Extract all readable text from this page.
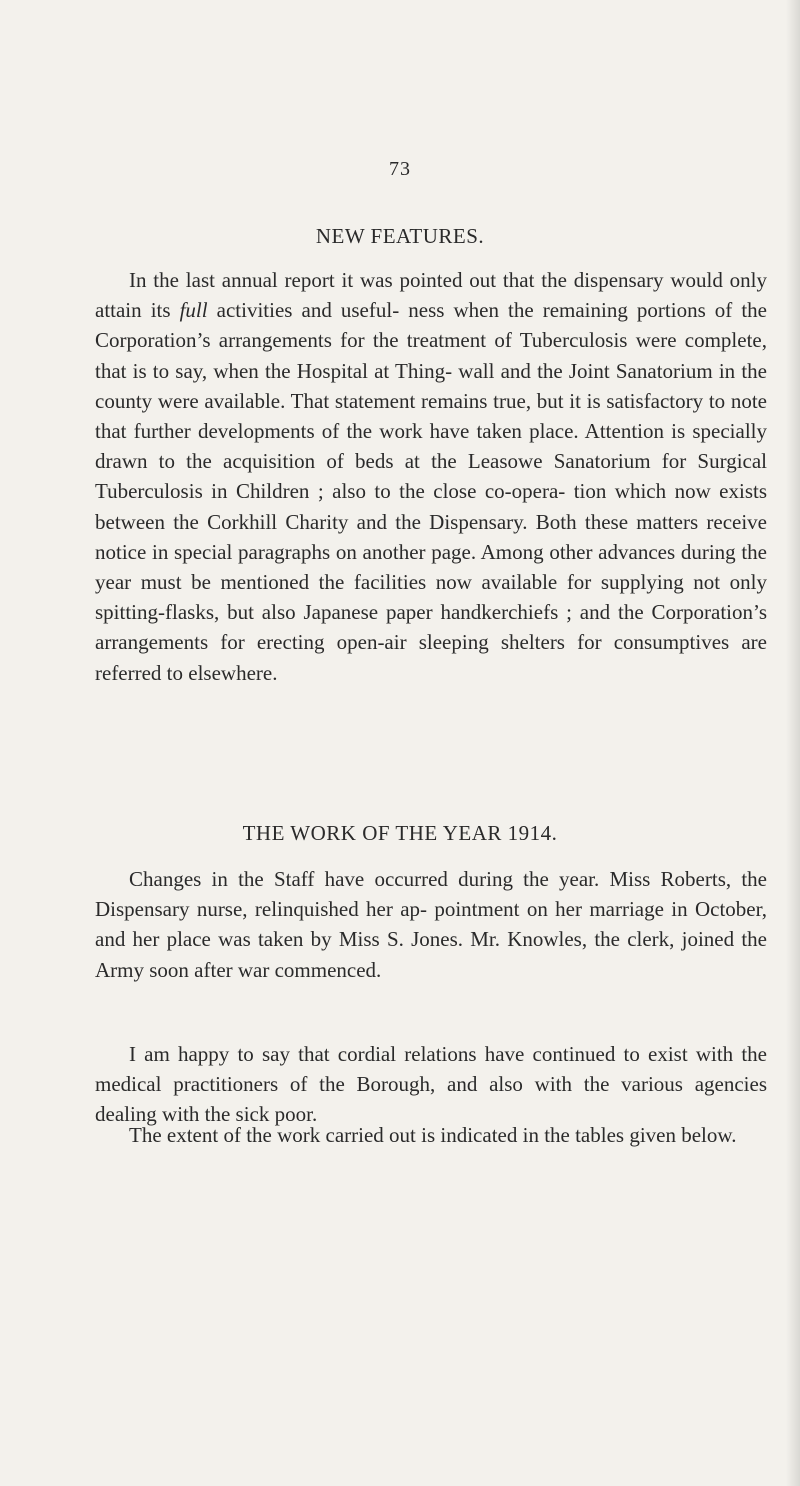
73
NEW FEATURES.

In the last annual report it was pointed out that the dispensary would only attain its full activities and useful- ness when the remaining portions of the Corporation’s arrangements for the treatment of Tuberculosis were complete, that is to say, when the Hospital at Thing- wall and the Joint Sanatorium in the county were available. That statement remains true, but it is satisfactory to note that further developments of the work have taken place. Attention is specially drawn to the acquisition of beds at the Leasowe Sanatorium for Surgical Tuberculosis in Children ; also to the close co-opera- tion which now exists between the Corkhill Charity and the Dispensary. Both these matters receive notice in special paragraphs on another page. Among other advances during the year must be mentioned the facilities now available for supplying not only spitting-flasks, but also Japanese paper handkerchiefs ; and the Corporation’s arrangements for erecting open-air sleeping shelters for consumptives are referred to elsewhere.

THE WORK OF THE YEAR 1914.

Changes in the Staff have occurred during the year. Miss Roberts, the Dispensary nurse, relinquished her ap- pointment on her marriage in October, and her place was taken by Miss S. Jones. Mr. Knowles, the clerk, joined the Army soon after war commenced.

I am happy to say that cordial relations have continued to exist with the medical practitioners of the Borough, and also with the various agencies dealing with the sick poor.

The extent of the work carried out is indicated in the tables given below.
